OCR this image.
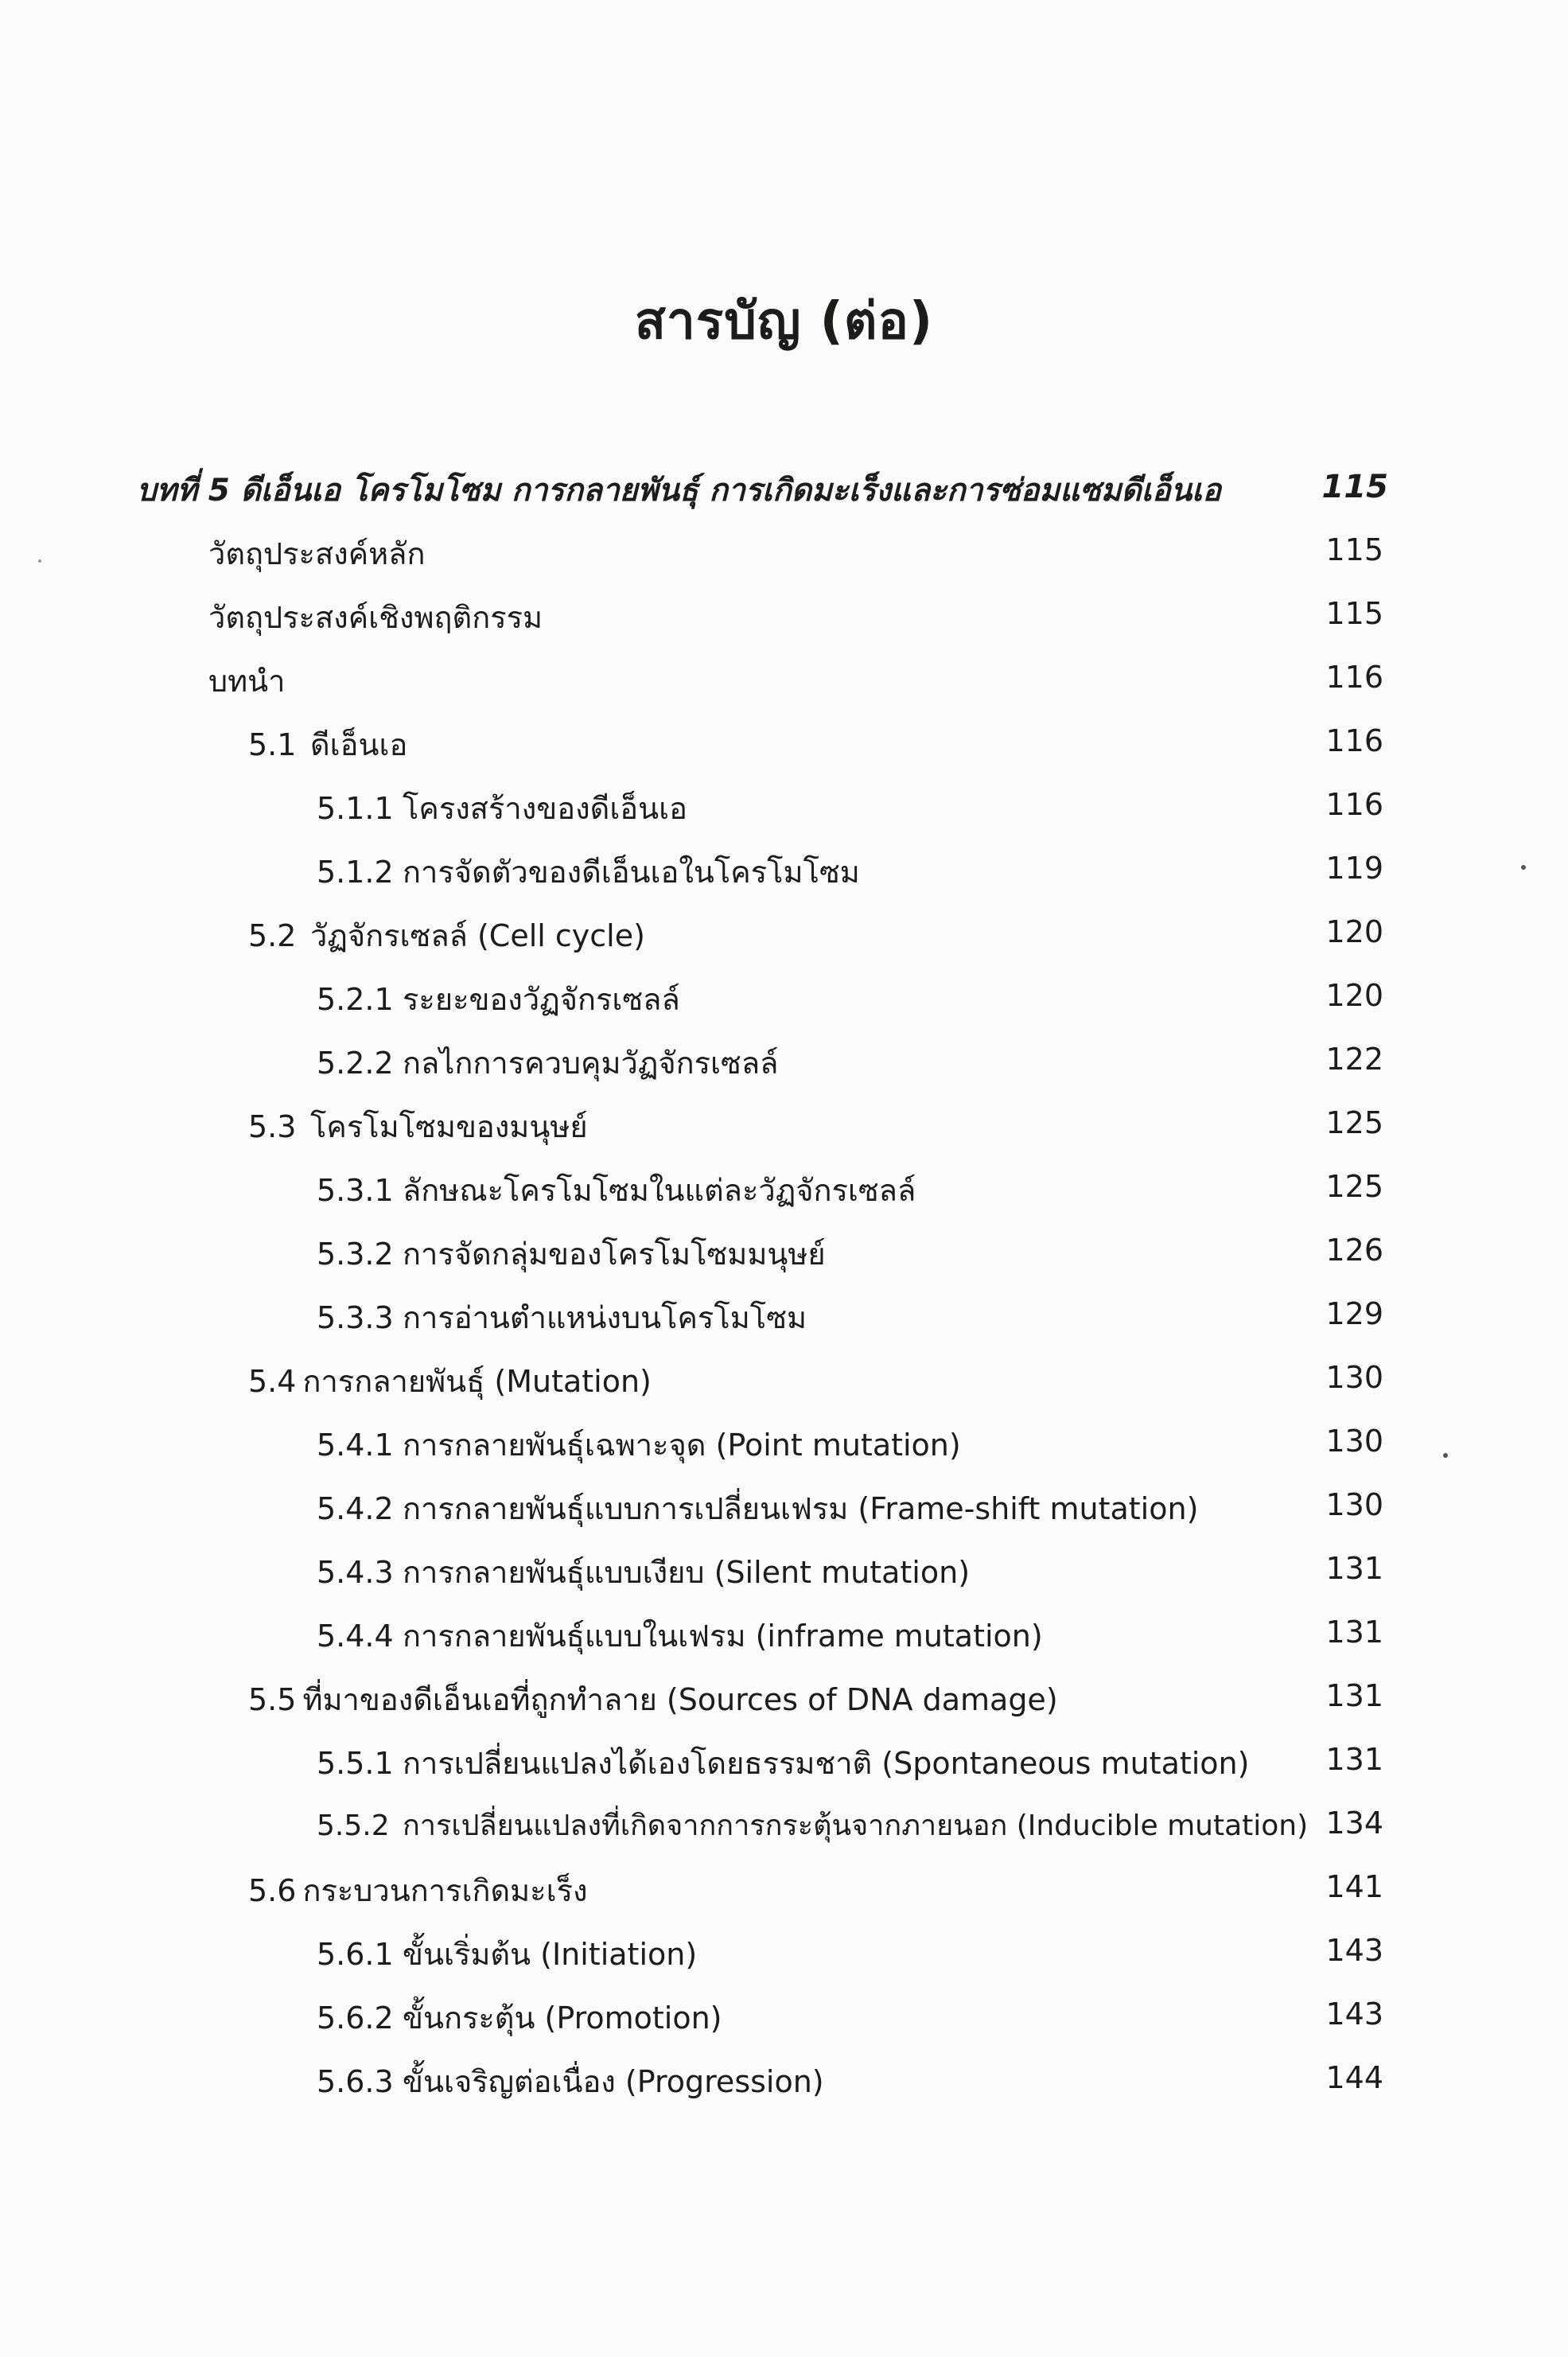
สารบัญ (ต่อ)
บทที่ 5 ดีเอ็นเอ โครโมโซม การกลายพันธุ์ การเกิดมะเร็งและการซ่อมแซมดีเอ็นเอ	115
วัตถุประสงค์หลัก	115
วัตถุประสงค์เชิงพฤติกรรม	115
บทนำ	116
5.1 ดีเอ็นเอ	116
5.1.1 โครงสร้างของดีเอ็นเอ	116
5.1.2 การจัดตัวของดีเอ็นเอในโครโมโซม	119
5.2 วัฏจักรเซลล์ (Cell cycle)	120
5.2.1 ระยะของวัฏจักรเซลล์	120
5.2.2 กลไกการควบคุมวัฏจักรเซลล์	122
5.3 โครโมโซมของมนุษย์	125
5.3.1 ลักษณะโครโมโซมในแต่ละวัฏจักรเซลล์	125
5.3.2 การจัดกลุ่มของโครโมโซมมนุษย์	126
5.3.3 การอ่านตำแหน่งบนโครโมโซม	129
5.4 การกลายพันธุ์ (Mutation)	130
5.4.1 การกลายพันธุ์เฉพาะจุด (Point mutation)	130
5.4.2 การกลายพันธุ์แบบการเปลี่ยนเฟรม (Frame-shift mutation)	130
5.4.3 การกลายพันธุ์แบบเงียบ (Silent mutation)	131
5.4.4 การกลายพันธุ์แบบในเฟรม (inframe mutation)	131
5.5 ที่มาของดีเอ็นเอที่ถูกทำลาย (Sources of DNA damage)	131
5.5.1 การเปลี่ยนแปลงได้เองโดยธรรมชาติ (Spontaneous mutation)	131
5.5.2 การเปลี่ยนแปลงที่เกิดจากการกระตุ้นจากภายนอก (Inducible mutation) 134
5.6 กระบวนการเกิดมะเร็ง	141
5.6.1 ขั้นเริ่มต้น (Initiation)	143
5.6.2 ขั้นกระตุ้น (Promotion)	143
5.6.3 ขั้นเจริญต่อเนื่อง (Progression)	144
